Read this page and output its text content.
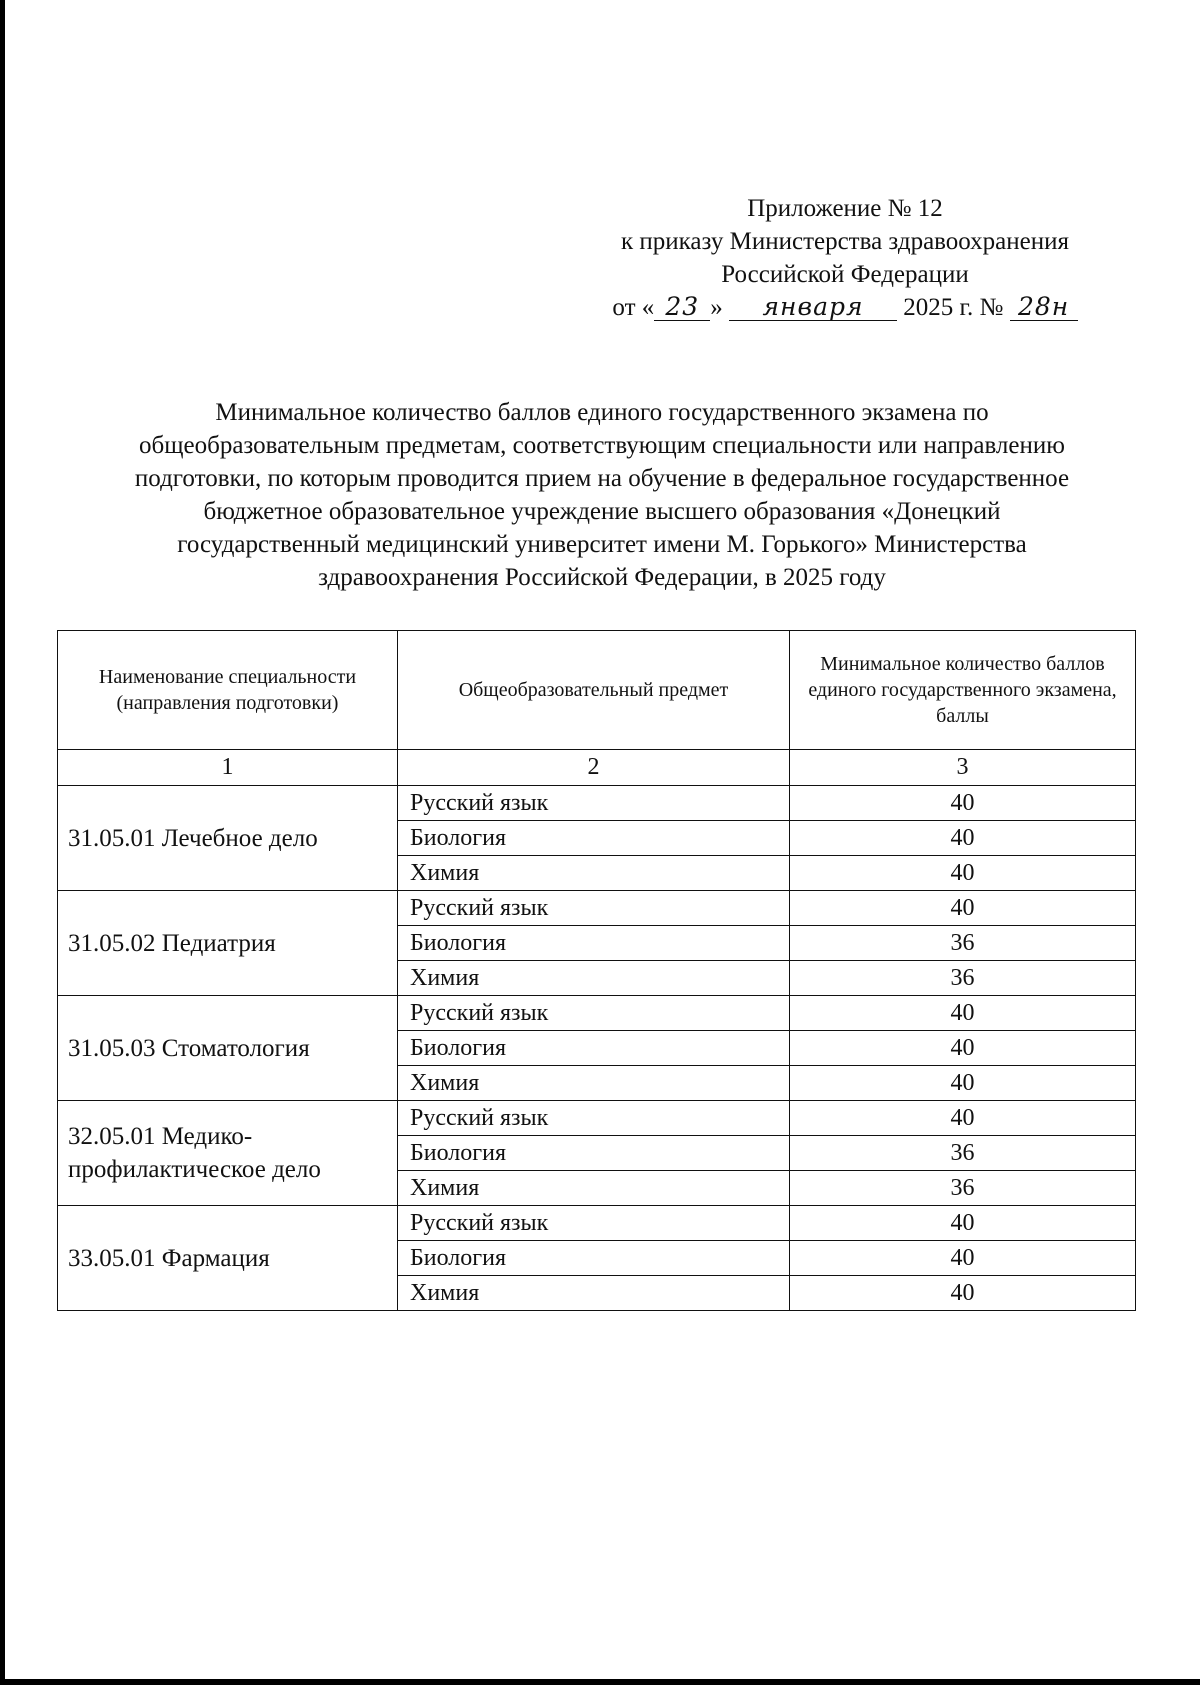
Приложение № 12
к приказу Министерства здравоохранения
Российской Федерации
от « 23 » января 2025 г. № 28н
Минимальное количество баллов единого государственного экзамена по
общеобразовательным предметам, соответствующим специальности или направлению
подготовки, по которым проводится прием на обучение в федеральное государственное
бюджетное образовательное учреждение высшего образования «Донецкий
государственный медицинский университет имени М. Горького» Министерства
здравоохранения Российской Федерации, в 2025 году
Наименование специальности (направления подготовки)	Общеобразовательный предмет	Минимальное количество баллов единого государственного экзамена, баллы
1	2	3
31.05.01 Лечебное дело	Русский язык	40
	Биология	40
	Химия	40
31.05.02 Педиатрия	Русский язык	40
	Биология	36
	Химия	36
31.05.03 Стоматология	Русский язык	40
	Биология	40
	Химия	40
32.05.01 Медико-профилактическое дело	Русский язык	40
	Биология	36
	Химия	36
33.05.01 Фармация	Русский язык	40
	Биология	40
	Химия	40
